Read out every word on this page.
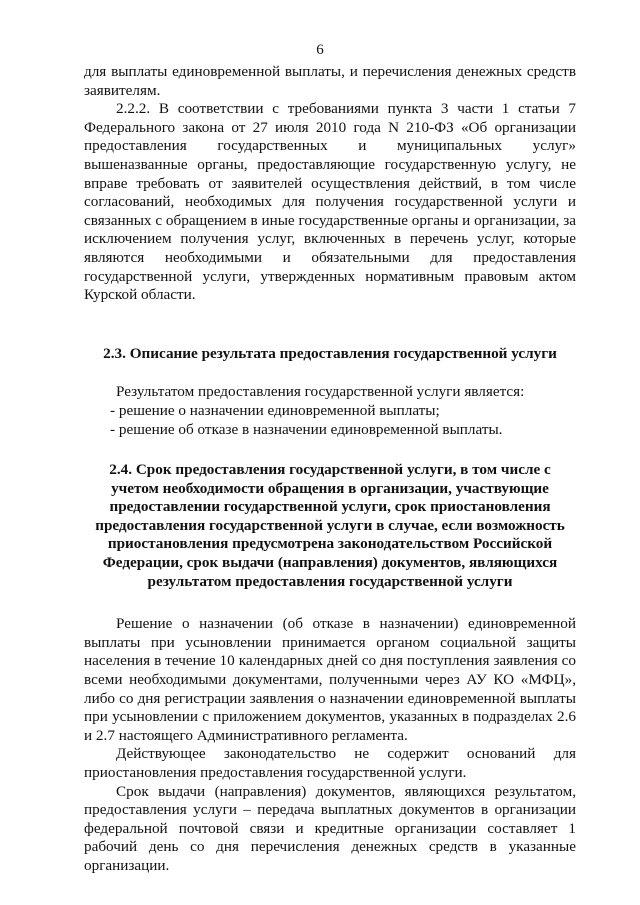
6

для выплаты единовременной выплаты, и перечисления денежных средств заявителям.

2.2.2. В соответствии с требованиями пункта 3 части 1 статьи 7 Федерального закона от 27 июля 2010 года N 210-ФЗ «Об организации предоставления государственных и муниципальных услуг» вышеназванные органы, предоставляющие государственную услугу, не вправе требовать от заявителей осуществления действий, в том числе согласований, необходимых для получения государственной услуги и связанных с обращением в иные государственные органы и организации, за исключением получения услуг, включенных в перечень услуг, которые являются необходимыми и обязательными для предоставления государственной услуги, утвержденных нормативным правовым актом Курской области.

2.3. Описание результата предоставления государственной услуги

Результатом предоставления государственной услуги является:

- решение о назначении единовременной выплаты;

- решение об отказе в назначении единовременной выплаты.

2.4. Срок предоставления государственной услуги, в том числе с учетом необходимости обращения в организации, участвующие предоставлении государственной услуги, срок приостановления предоставления государственной услуги в случае, если возможность приостановления предусмотрена законодательством Российской Федерации, срок выдачи (направления) документов, являющихся результатом предоставления государственной услуги

Решение о назначении (об отказе в назначении) единовременной выплаты при усыновлении принимается органом социальной защиты населения в течение 10 календарных дней со дня поступления заявления со всеми необходимыми документами, полученными через АУ КО «МФЦ», либо со дня регистрации заявления о назначении единовременной выплаты при усыновлении с приложением документов, указанных в подразделах 2.6 и 2.7 настоящего Административного регламента.

Действующее законодательство не содержит оснований для приостановления предоставления государственной услуги.

Срок выдачи (направления) документов, являющихся результатом, предоставления услуги – передача выплатных документов в организации федеральной почтовой связи и кредитные организации составляет 1 рабочий день со дня перечисления денежных средств в указанные организации.
